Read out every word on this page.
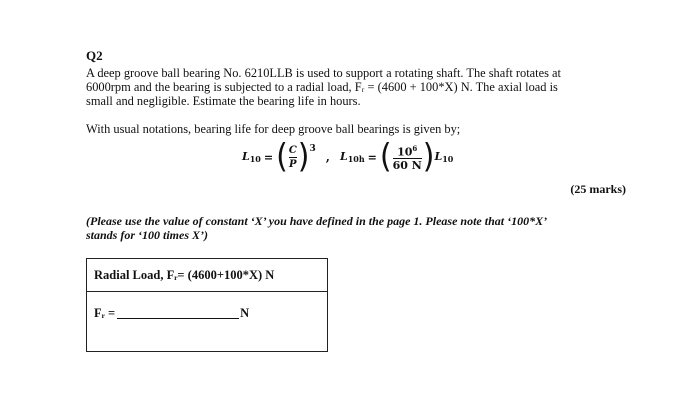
Q2

A deep groove ball bearing No. 6210LLB is used to support a rotating shaft. The shaft rotates at

6000rpm and the bearing is subjected to a radial load, Fᵣ = (4600 + 100*X) N. The axial load is

small and negligible. Estimate the bearing life in hours.

With usual notations, bearing life for deep groove ball bearings is given by;
$L_{10}$ = ( $\frac{C}{P}$ ) 3
, $L_{10h}$ = ( $\frac{10^6}{60 N}$ ) $L_{10}$
(25 marks)
(Please use the value of constant ‘X’ you have defined in the page 1. Please note that ‘100*X’
stands for ‘100 times X’)
Radial Load, Fᵣ= (4600+100*X) N
Fᵣ =	N
